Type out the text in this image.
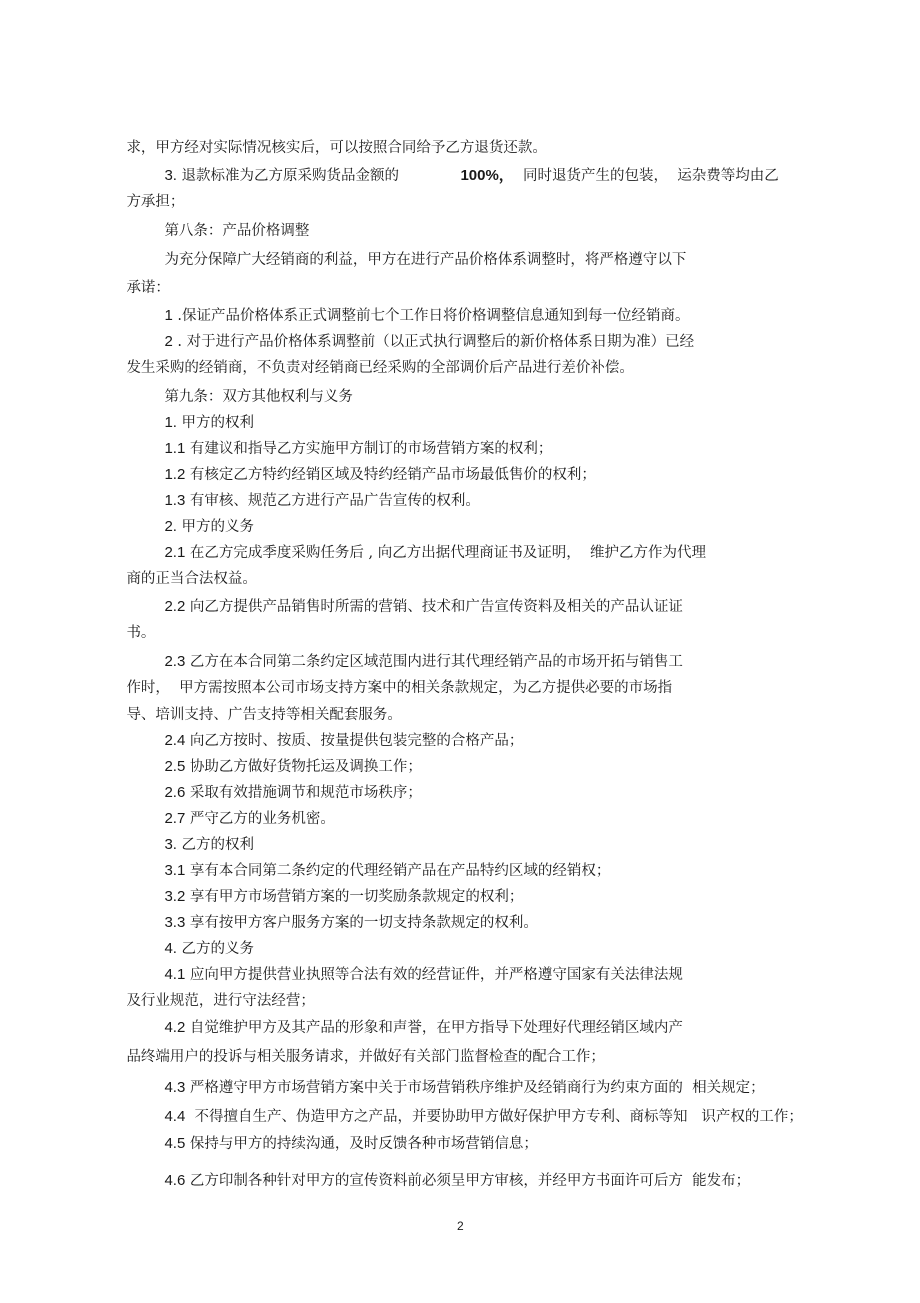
求，甲方经对实际情况核实后，可以按照合同给予乙方退货还款。

3. 退款标准为乙方原采购货品金额的
	100%，  同时退货产生的包装，  运杂费等均由乙

方承担；

第八条：产品价格调整

为充分保障广大经销商的利益，甲方在进行产品价格体系调整时，将严格遵守以下

承诺：

1 .保证产品价格体系正式调整前七个工作日将价格调整信息通知到每一位经销商。

2 . 对于进行产品价格体系调整前（以正式执行调整后的新价格体系日期为准）已经

发生采购的经销商，不负责对经销商已经采购的全部调价后产品进行差价补偿。

第九条：双方其他权利与义务

1. 甲方的权利

1.1 有建议和指导乙方实施甲方制订的市场营销方案的权利；

1.2 有核定乙方特约经销区域及特约经销产品市场最低售价的权利；

1.3 有审核、规范乙方进行产品广告宣传的权利。

2. 甲方的义务

2.1 在乙方完成季度采购任务后 , 向乙方出据代理商证书及证明，  维护乙方作为代理

商的正当合法权益。

2.2 向乙方提供产品销售时所需的营销、技术和广告宣传资料及相关的产品认证证

书。

2.3 乙方在本合同第二条约定区域范围内进行其代理经销产品的市场开拓与销售工

作时，  甲方需按照本公司市场支持方案中的相关条款规定，为乙方提供必要的市场指

导、培训支持、广告支持等相关配套服务。

2.4 向乙方按时、按质、按量提供包装完整的合格产品；

2.5 协助乙方做好货物托运及调换工作；

2.6 采取有效措施调节和规范市场秩序；

2.7 严守乙方的业务机密。

3. 乙方的权利

3.1 享有本合同第二条约定的代理经销产品在产品特约区域的经销权；

3.2 享有甲方市场营销方案的一切奖励条款规定的权利；

3.3 享有按甲方客户服务方案的一切支持条款规定的权利。

4. 乙方的义务

4.1 应向甲方提供营业执照等合法有效的经营证件，并严格遵守国家有关法律法规

及行业规范，进行守法经营；

4.2 自觉维护甲方及其产品的形象和声誉，在甲方指导下处理好代理经销区域内产

品终端用户的投诉与相关服务请求，并做好有关部门监督检查的配合工作；

4.3 严格遵守甲方市场营销方案中关于市场营销秩序维护及经销商行为约束方面的  相关规定；

4.4  不得擅自生产、伪造甲方之产品，并要协助甲方做好保护甲方专利、商标等知   识产权的工作；

4.5 保持与甲方的持续沟通，及时反馈各种市场营销信息；

4.6 乙方印制各种针对甲方的宣传资料前必须呈甲方审核，并经甲方书面许可后方  能发布；

2
